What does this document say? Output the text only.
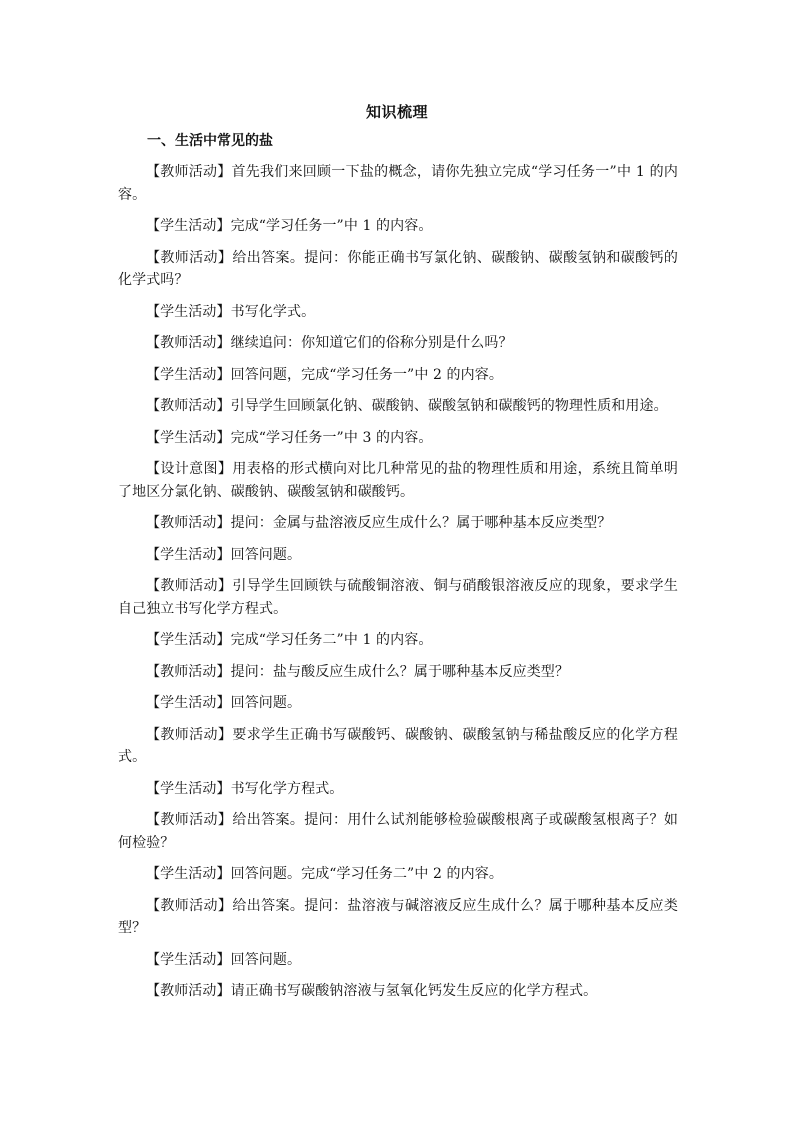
知识梳理
一、生活中常见的盐

【教师活动】首先我们来回顾一下盐的概念，请你先独立完成“学习任务一”中 1 的内容。

【学生活动】完成“学习任务一”中 1 的内容。

【教师活动】给出答案。提问：你能正确书写氯化钠、碳酸钠、碳酸氢钠和碳酸钙的化学式吗？

【学生活动】书写化学式。

【教师活动】继续追问：你知道它们的俗称分别是什么吗？

【学生活动】回答问题，完成“学习任务一”中 2 的内容。

【教师活动】引导学生回顾氯化钠、碳酸钠、碳酸氢钠和碳酸钙的物理性质和用途。

【学生活动】完成“学习任务一”中 3 的内容。

【设计意图】用表格的形式横向对比几种常见的盐的物理性质和用途，系统且简单明了地区分氯化钠、碳酸钠、碳酸氢钠和碳酸钙。

【教师活动】提问：金属与盐溶液反应生成什么？属于哪种基本反应类型？

【学生活动】回答问题。

【教师活动】引导学生回顾铁与硫酸铜溶液、铜与硝酸银溶液反应的现象，要求学生自己独立书写化学方程式。

【学生活动】完成“学习任务二”中 1 的内容。

【教师活动】提问：盐与酸反应生成什么？属于哪种基本反应类型？

【学生活动】回答问题。

【教师活动】要求学生正确书写碳酸钙、碳酸钠、碳酸氢钠与稀盐酸反应的化学方程式。

【学生活动】书写化学方程式。

【教师活动】给出答案。提问：用什么试剂能够检验碳酸根离子或碳酸氢根离子？如何检验？

【学生活动】回答问题。完成“学习任务二”中 2 的内容。

【教师活动】给出答案。提问：盐溶液与碱溶液反应生成什么？属于哪种基本反应类型？

【学生活动】回答问题。

【教师活动】请正确书写碳酸钠溶液与氢氧化钙发生反应的化学方程式。
